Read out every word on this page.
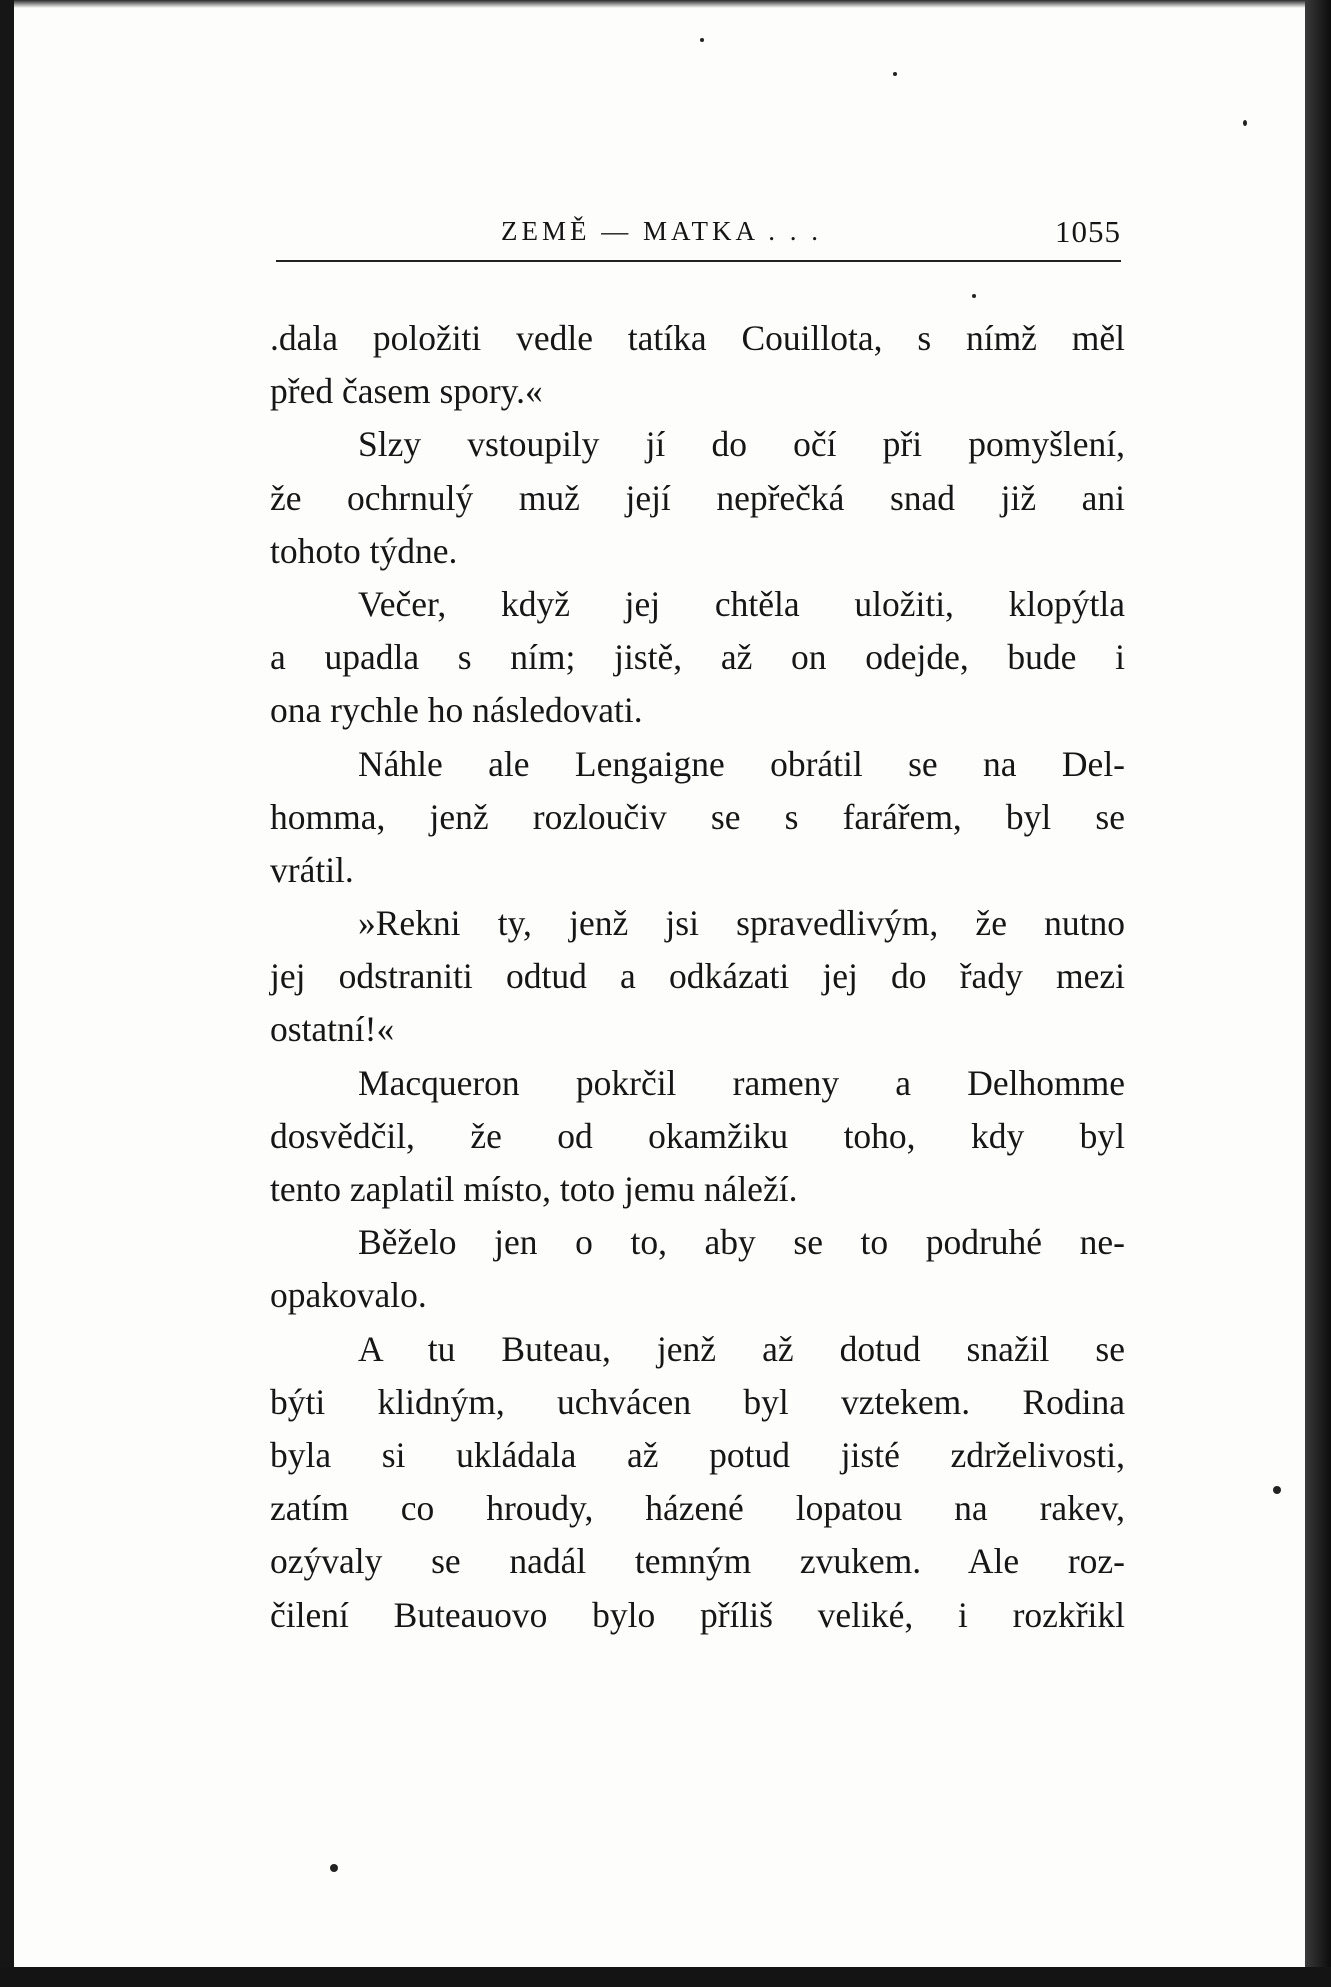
ZEMĚ — MATKA . . .	1055
.dala položiti vedle tatíka Couillota, s nímž měl
před časem spory.«
Slzy vstoupily jí do očí při pomyšlení,
že ochrnulý muž její nepřečká snad již ani
tohoto týdne.
Večer, když jej chtěla uložiti, klopýtla
a upadla s ním; jistě, až on odejde, bude i
ona rychle ho následovati.
Náhle ale Lengaigne obrátil se na Del-
homma, jenž rozloučiv se s farářem, byl se
vrátil.
»Rekni ty, jenž jsi spravedlivým, že nutno
jej odstraniti odtud a odkázati jej do řady mezi
ostatní!«
Macqueron pokrčil rameny a Delhomme
dosvědčil, že od okamžiku toho, kdy byl
tento zaplatil místo, toto jemu náleží.
Běželo jen o to, aby se to podruhé ne-
opakovalo.
A tu Buteau, jenž až dotud snažil se
býti klidným, uchvácen byl vztekem. Rodina
byla si ukládala až potud jisté zdrželivosti,
zatím co hroudy, házené lopatou na rakev,
ozývaly se nadál temným zvukem. Ale roz-
čilení Buteauovo bylo příliš veliké, i rozkřikl
